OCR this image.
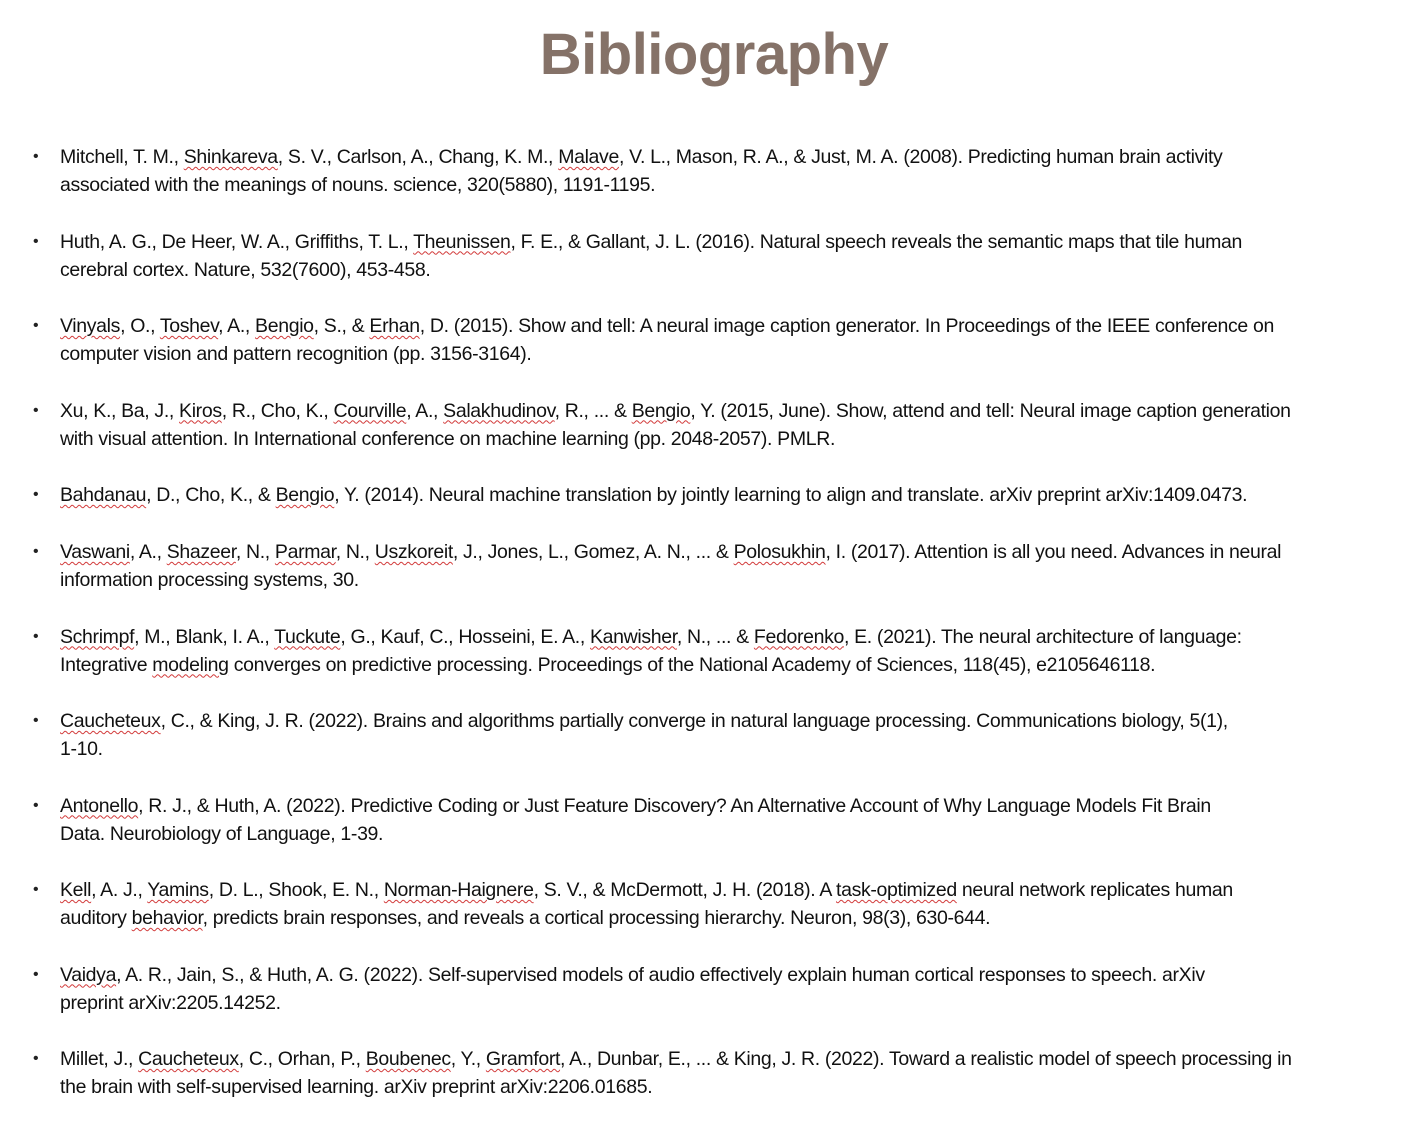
Bibliography
• Mitchell, T. M., Shinkareva, S. V., Carlson, A., Chang, K. M., Malave, V. L., Mason, R. A., & Just, M. A. (2008). Predicting human brain activity
associated with the meanings of nouns. science, 320(5880), 1191-1195.
• Huth, A. G., De Heer, W. A., Griffiths, T. L., Theunissen, F. E., & Gallant, J. L. (2016). Natural speech reveals the semantic maps that tile human
cerebral cortex. Nature, 532(7600), 453-458.
• Vinyals, O., Toshev, A., Bengio, S., & Erhan, D. (2015). Show and tell: A neural image caption generator. In Proceedings of the IEEE conference on
computer vision and pattern recognition (pp. 3156-3164).
• Xu, K., Ba, J., Kiros, R., Cho, K., Courville, A., Salakhudinov, R., ... & Bengio, Y. (2015, June). Show, attend and tell: Neural image caption generation
with visual attention. In International conference on machine learning (pp. 2048-2057). PMLR.
• Bahdanau, D., Cho, K., & Bengio, Y. (2014). Neural machine translation by jointly learning to align and translate. arXiv preprint arXiv:1409.0473.
• Vaswani, A., Shazeer, N., Parmar, N., Uszkoreit, J., Jones, L., Gomez, A. N., ... & Polosukhin, I. (2017). Attention is all you need. Advances in neural
information processing systems, 30.
• Schrimpf, M., Blank, I. A., Tuckute, G., Kauf, C., Hosseini, E. A., Kanwisher, N., ... & Fedorenko, E. (2021). The neural architecture of language:
Integrative modeling converges on predictive processing. Proceedings of the National Academy of Sciences, 118(45), e2105646118.
• Caucheteux, C., & King, J. R. (2022). Brains and algorithms partially converge in natural language processing. Communications biology, 5(1),
1-10.
• Antonello, R. J., & Huth, A. (2022). Predictive Coding or Just Feature Discovery? An Alternative Account of Why Language Models Fit Brain
Data. Neurobiology of Language, 1-39.
• Kell, A. J., Yamins, D. L., Shook, E. N., Norman-Haignere, S. V., & McDermott, J. H. (2018). A task-optimized neural network replicates human
auditory behavior, predicts brain responses, and reveals a cortical processing hierarchy. Neuron, 98(3), 630-644.
• Vaidya, A. R., Jain, S., & Huth, A. G. (2022). Self-supervised models of audio effectively explain human cortical responses to speech. arXiv
preprint arXiv:2205.14252.
• Millet, J., Caucheteux, C., Orhan, P., Boubenec, Y., Gramfort, A., Dunbar, E., ... & King, J. R. (2022). Toward a realistic model of speech processing in
the brain with self-supervised learning. arXiv preprint arXiv:2206.01685.
